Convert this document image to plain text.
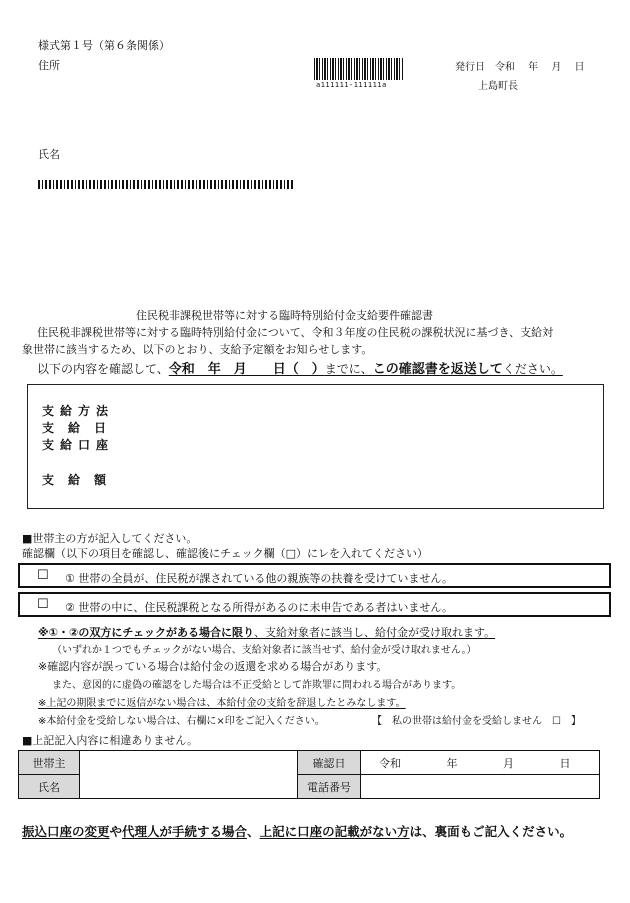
様式第１号（第６条関係）
住所
a111111-111111a
発行日　令和　 年　 月　 日
上島町長
氏名
住民税非課税世帯等に対する臨時特別給付金支給要件確認書
住民税非課税世帯等に対する臨時特別給付金について、令和３年度の住民税の課税状況に基づき、支給対
象世帯に該当するため、以下のとおり、支給予定額をお知らせします。
以下の内容を確認して、令和　年　月　　日（　）までに、この確認書を返送してください。
支給方法
支給日
支給口座
支給額
■世帯主の方が記入してください。
確認欄（以下の項目を確認し、確認後にチェック欄（□）にレを入れてください）
☐ ① 世帯の全員が、住民税が課されている他の親族等の扶養を受けていません。
☐ ② 世帯の中に、住民税課税となる所得があるのに未申告である者はいません。
※①・②の双方にチェックがある場合に限り、支給対象者に該当し、給付金が受け取れます。
（いずれか１つでもチェックがない場合、支給対象者に該当せず、給付金が受け取れません。）
※確認内容が誤っている場合は給付金の返還を求める場合があります。
また、意図的に虚偽の確認をした場合は不正受給として詐欺罪に問われる場合があります。
※上記の期限までに返信がない場合は、本給付金の支給を辞退したとみなします。
※本給付金を受給しない場合は、右欄に×印をご記入ください。	【　私の世帯は給付金を受給しません　☐　】
■上記記入内容に相違ありません。
世帯主		確認日	令和 年 月 日
氏名		電話番号	
振込口座の変更や代理人が手続する場合、上記に口座の記載がない方は、裏面もご記入ください。
